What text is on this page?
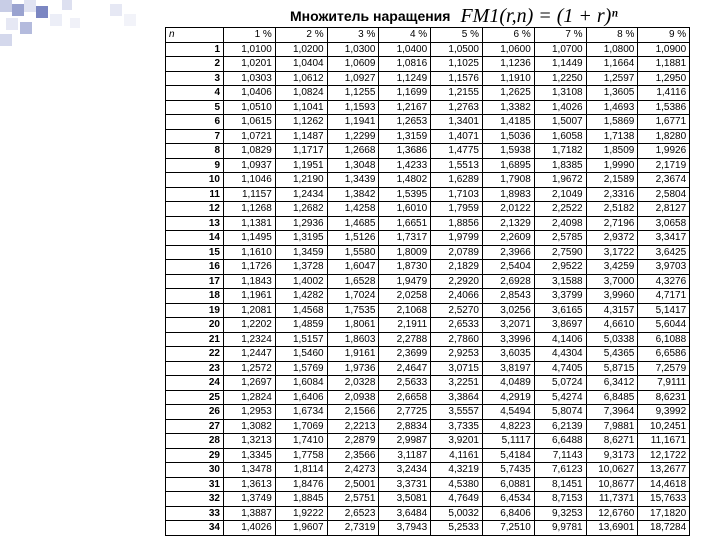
Множитель наращения FM1(r,n) = (1 + r)ⁿ
n	1 %	2 %	3 %	4 %	5 %	6 %	7 %	8 %	9 %
1	1,0100	1,0200	1,0300	1,0400	1,0500	1,0600	1,0700	1,0800	1,0900
2	1,0201	1,0404	1,0609	1,0816	1,1025	1,1236	1,1449	1,1664	1,1881
3	1,0303	1,0612	1,0927	1,1249	1,1576	1,1910	1,2250	1,2597	1,2950
4	1,0406	1,0824	1,1255	1,1699	1,2155	1,2625	1,3108	1,3605	1,4116
5	1,0510	1,1041	1,1593	1,2167	1,2763	1,3382	1,4026	1,4693	1,5386
6	1,0615	1,1262	1,1941	1,2653	1,3401	1,4185	1,5007	1,5869	1,6771
7	1,0721	1,1487	1,2299	1,3159	1,4071	1,5036	1,6058	1,7138	1,8280
8	1,0829	1,1717	1,2668	1,3686	1,4775	1,5938	1,7182	1,8509	1,9926
9	1,0937	1,1951	1,3048	1,4233	1,5513	1,6895	1,8385	1,9990	2,1719
10	1,1046	1,2190	1,3439	1,4802	1,6289	1,7908	1,9672	2,1589	2,3674
11	1,1157	1,2434	1,3842	1,5395	1,7103	1,8983	2,1049	2,3316	2,5804
12	1,1268	1,2682	1,4258	1,6010	1,7959	2,0122	2,2522	2,5182	2,8127
13	1,1381	1,2936	1,4685	1,6651	1,8856	2,1329	2,4098	2,7196	3,0658
14	1,1495	1,3195	1,5126	1,7317	1,9799	2,2609	2,5785	2,9372	3,3417
15	1,1610	1,3459	1,5580	1,8009	2,0789	2,3966	2,7590	3,1722	3,6425
16	1,1726	1,3728	1,6047	1,8730	2,1829	2,5404	2,9522	3,4259	3,9703
17	1,1843	1,4002	1,6528	1,9479	2,2920	2,6928	3,1588	3,7000	4,3276
18	1,1961	1,4282	1,7024	2,0258	2,4066	2,8543	3,3799	3,9960	4,7171
19	1,2081	1,4568	1,7535	2,1068	2,5270	3,0256	3,6165	4,3157	5,1417
20	1,2202	1,4859	1,8061	2,1911	2,6533	3,2071	3,8697	4,6610	5,6044
21	1,2324	1,5157	1,8603	2,2788	2,7860	3,3996	4,1406	5,0338	6,1088
22	1,2447	1,5460	1,9161	2,3699	2,9253	3,6035	4,4304	5,4365	6,6586
23	1,2572	1,5769	1,9736	2,4647	3,0715	3,8197	4,7405	5,8715	7,2579
24	1,2697	1,6084	2,0328	2,5633	3,2251	4,0489	5,0724	6,3412	7,9111
25	1,2824	1,6406	2,0938	2,6658	3,3864	4,2919	5,4274	6,8485	8,6231
26	1,2953	1,6734	2,1566	2,7725	3,5557	4,5494	5,8074	7,3964	9,3992
27	1,3082	1,7069	2,2213	2,8834	3,7335	4,8223	6,2139	7,9881	10,2451
28	1,3213	1,7410	2,2879	2,9987	3,9201	5,1117	6,6488	8,6271	11,1671
29	1,3345	1,7758	2,3566	3,1187	4,1161	5,4184	7,1143	9,3173	12,1722
30	1,3478	1,8114	2,4273	3,2434	4,3219	5,7435	7,6123	10,0627	13,2677
31	1,3613	1,8476	2,5001	3,3731	4,5380	6,0881	8,1451	10,8677	14,4618
32	1,3749	1,8845	2,5751	3,5081	4,7649	6,4534	8,7153	11,7371	15,7633
33	1,3887	1,9222	2,6523	3,6484	5,0032	6,8406	9,3253	12,6760	17,1820
34	1,4026	1,9607	2,7319	3,7943	5,2533	7,2510	9,9781	13,6901	18,7284
